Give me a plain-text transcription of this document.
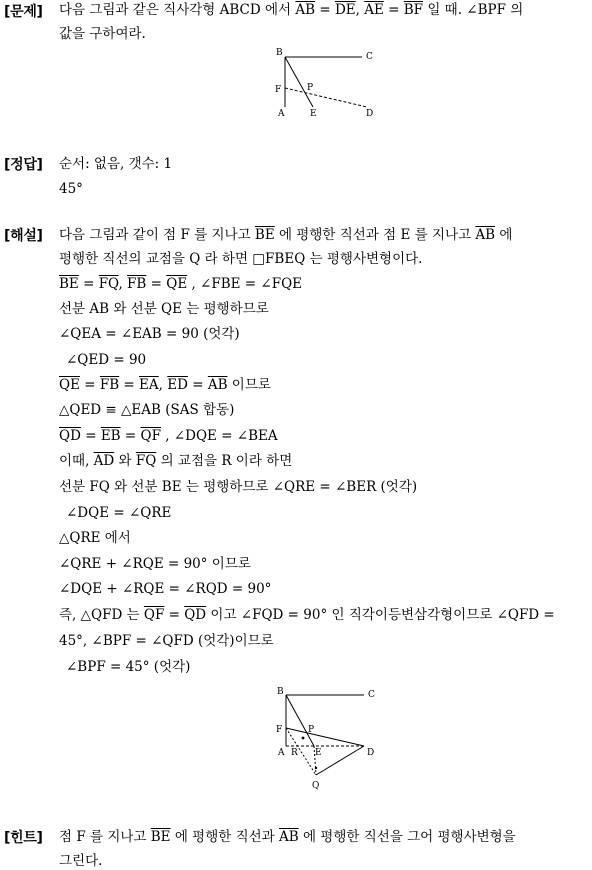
[문제] 다음 그림과 같은 직사각형 ABCD 에서 $\overline{AB} = \overline{DE}$, $\overline{AE} = \overline{BF}$ 일 때. ∠BPF 의
값을 구하여라.
B	C
F	P
A	E	D
[정답] 순서: 없음, 갯수: 1
45°
[해설] 다음 그림과 같이 점 F 를 지나고 $\overline{BE}$ 에 평행한 직선과 점 E 를 지나고 $\overline{AB}$ 에
평행한 직선의 교점을 Q 라 하면 □FBEQ 는 평행사변형이다.
$\overline{BE} = \overline{FQ}$, $\overline{FB} = \overline{QE}$ , ∠FBE = ∠FQE
선분 AB 와 선분 QE 는 평행하므로
∠QEA = ∠EAB = 90 (엇각)
∠QED = 90
$\overline{QE} = \overline{FB} = \overline{EA}$, $\overline{ED} = \overline{AB}$ 이므로
△QED ≡ △EAB (SAS 합동)
$\overline{QD} = \overline{EB} = \overline{QF}$ , ∠DQE = ∠BEA
이때, $\overline{AD}$ 와 $\overline{FQ}$ 의 교점을 R 이라 하면
선분 FQ 와 선분 BE 는 평행하므로 ∠QRE = ∠BER (엇각)
∠DQE = ∠QRE
△QRE 에서
∠QRE + ∠RQE = 90° 이므로
∠DQE + ∠RQE = ∠RQD = 90°
즉, △QFD 는 $\overline{QF} = \overline{QD}$ 이고 ∠FQD = 90° 인 직각이등변삼각형이므로 ∠QFD =
45°, ∠BPF = ∠QFD (엇각)이므로
∠BPF = 45° (엇각)
B	C
F	P
A R E	D
Q
[힌트] 점 F 를 지나고 $\overline{BE}$ 에 평행한 직선과 $\overline{AB}$ 에 평행한 직선을 그어 평행사변형을
그린다.
